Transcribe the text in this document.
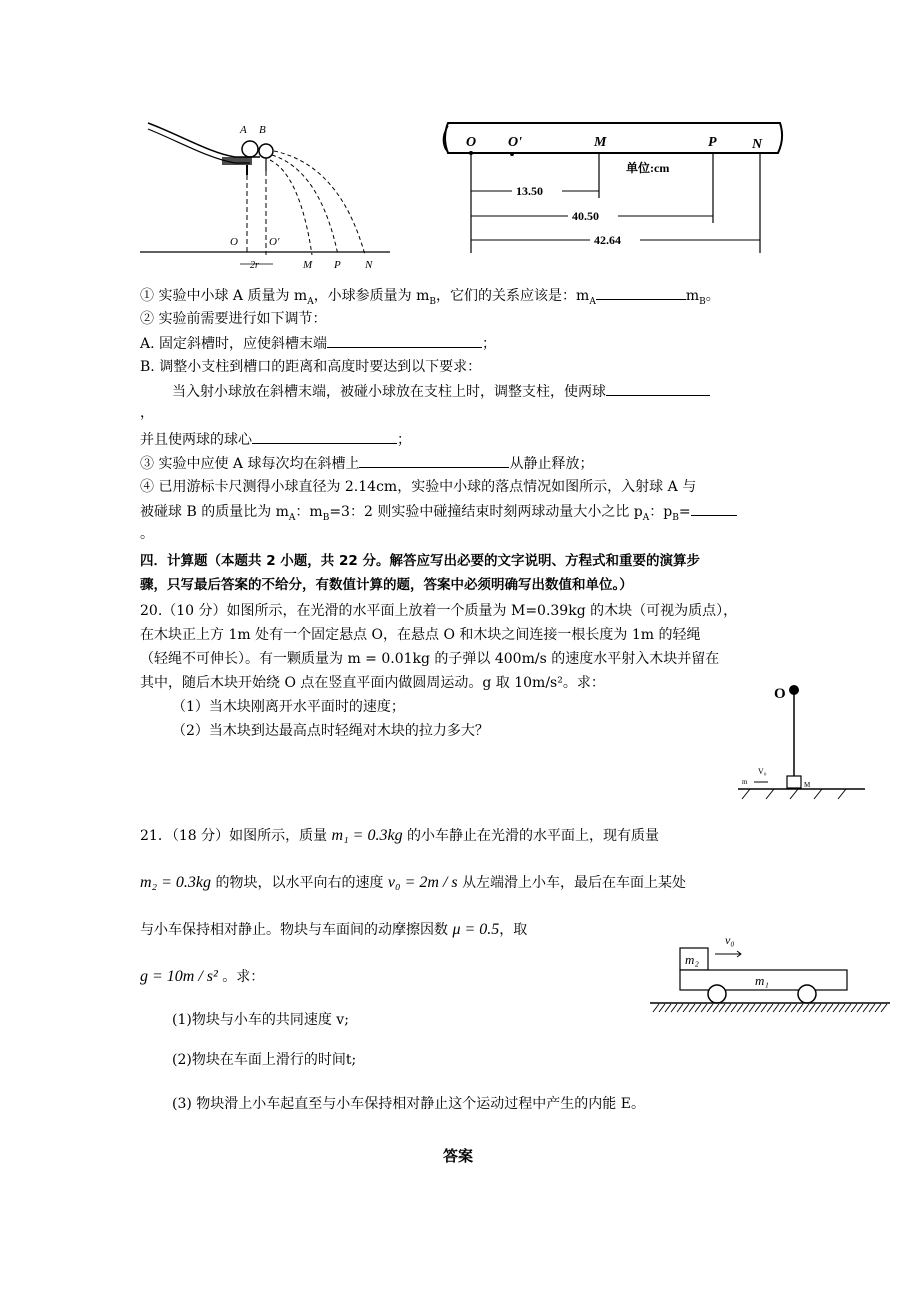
A B
O	O'
2r	M P N
O O'	M	P	N
单位:cm
13.50
40.50
42.64
① 实验中小球 A 质量为 $m_A$，小球参质量为 $m_B$，它们的关系应该是：$m_A$	$m_B$。
② 实验前需要进行如下调节：
A. 固定斜槽时，应使斜槽末端	；
B. 调整小支柱到槽口的距离和高度时要达到以下要求：
当入射小球放在斜槽末端，被碰小球放在支柱上时，调整支柱，使两球
，
并且使两球的球心	；
③ 实验中应使 A 球每次均在斜槽上	从静止释放；
④ 已用游标卡尺测得小球直径为 2.14cm，实验中小球的落点情况如图所示，入射球 A 与
被碰球 B 的质量比为 $m_A$：$m_B=3$：2 则实验中碰撞结束时刻两球动量大小之比 $p_A$：$p_B=$
。
四．计算题（本题共 2 小题，共 22 分。解答应写出必要的文字说明、方程式和重要的演算步
骤，只写最后答案的不给分，有数值计算的题，答案中必须明确写出数值和单位。）
20.（10 分）如图所示，在光滑的水平面上放着一个质量为 M=0.39kg 的木块（可视为质点），
在木块正上方 1m 处有一个固定悬点 O，在悬点 O 和木块之间连接一根长度为 1m 的轻绳
（轻绳不可伸长）。有一颗质量为 m = 0.01kg 的子弹以 400m/s 的速度水平射入木块并留在
其中，随后木块开始绕 O 点在竖直平面内做圆周运动。g 取 10m/s²。求：
（1）当木块刚离开水平面时的速度；
（2）当木块到达最高点时轻绳对木块的拉力多大？
O
M
V₀
m
21．（18 分）如图所示，质量 m₁ = 0.3kg 的小车静止在光滑的水平面上，现有质量
m₂ = 0.3kg 的物块，以水平向右的速度 v₀ = 2m / s 从左端滑上小车，最后在车面上某处
与小车保持相对静止。物块与车面间的动摩擦因数 μ = 0.5，取
g = 10m / s² 。求：
(1)物块与小车的共同速度 v;
(2)物块在车面上滑行的时间t;
(3) 物块滑上小车起直至与小车保持相对静止这个运动过程中产生的内能 E。
m₂
v₀
m₁
答案
